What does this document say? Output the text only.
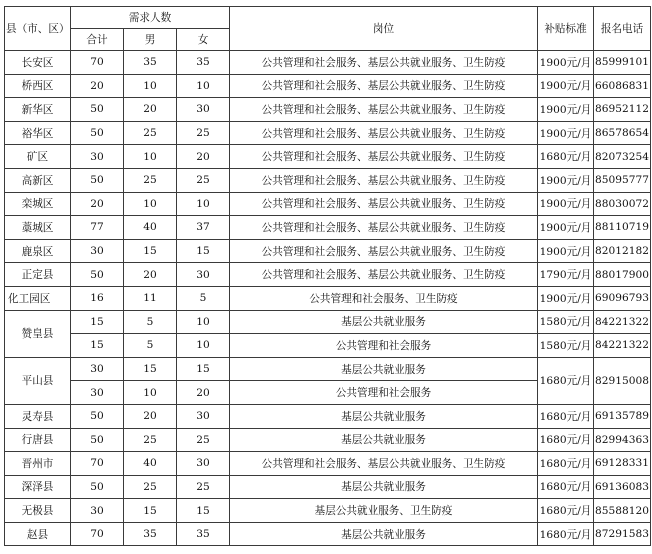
县（市、区）	需求人数			岗位	补贴标准	报名电话
	合计	男	女			
长安区	70	35	35	公共管理和社会服务、基层公共就业服务、卫生防疫	1900元/月	85999101
桥西区	20	10	10	公共管理和社会服务、基层公共就业服务、卫生防疫	1900元/月	66086831
新华区	50	20	30	公共管理和社会服务、基层公共就业服务、卫生防疫	1900元/月	86952112
裕华区	50	25	25	公共管理和社会服务、基层公共就业服务、卫生防疫	1900元/月	86578654
矿区	30	10	20	公共管理和社会服务、基层公共就业服务、卫生防疫	1680元/月	82073254
高新区	50	25	25	公共管理和社会服务、基层公共就业服务、卫生防疫	1900元/月	85095777
栾城区	20	10	10	公共管理和社会服务、基层公共就业服务、卫生防疫	1900元/月	88030072
藁城区	77	40	37	公共管理和社会服务、基层公共就业服务、卫生防疫	1900元/月	88110719
鹿泉区	30	15	15	公共管理和社会服务、基层公共就业服务、卫生防疫	1900元/月	82012182
正定县	50	20	30	公共管理和社会服务、基层公共就业服务、卫生防疫	1790元/月	88017900
化工园区	16	11	5	公共管理和社会服务、卫生防疫	1900元/月	69096793
赞皇县	15	5	10	基层公共就业服务	1580元/月	84221322
	15	5	10	公共管理和社会服务	1580元/月	84221322
平山县	30	15	15	基层公共就业服务	1680元/月	82915008
	30	10	20	公共管理和社会服务		
灵寿县	50	20	30	基层公共就业服务	1680元/月	69135789
行唐县	50	25	25	基层公共就业服务	1680元/月	82994363
晋州市	70	40	30	公共管理和社会服务、基层公共就业服务、卫生防疫	1680元/月	69128331
深泽县	50	25	25	基层公共就业服务	1680元/月	69136083
无极县	30	15	15	基层公共就业服务、卫生防疫	1680元/月	85588120
赵县	70	35	35	基层公共就业服务	1680元/月	87291583
